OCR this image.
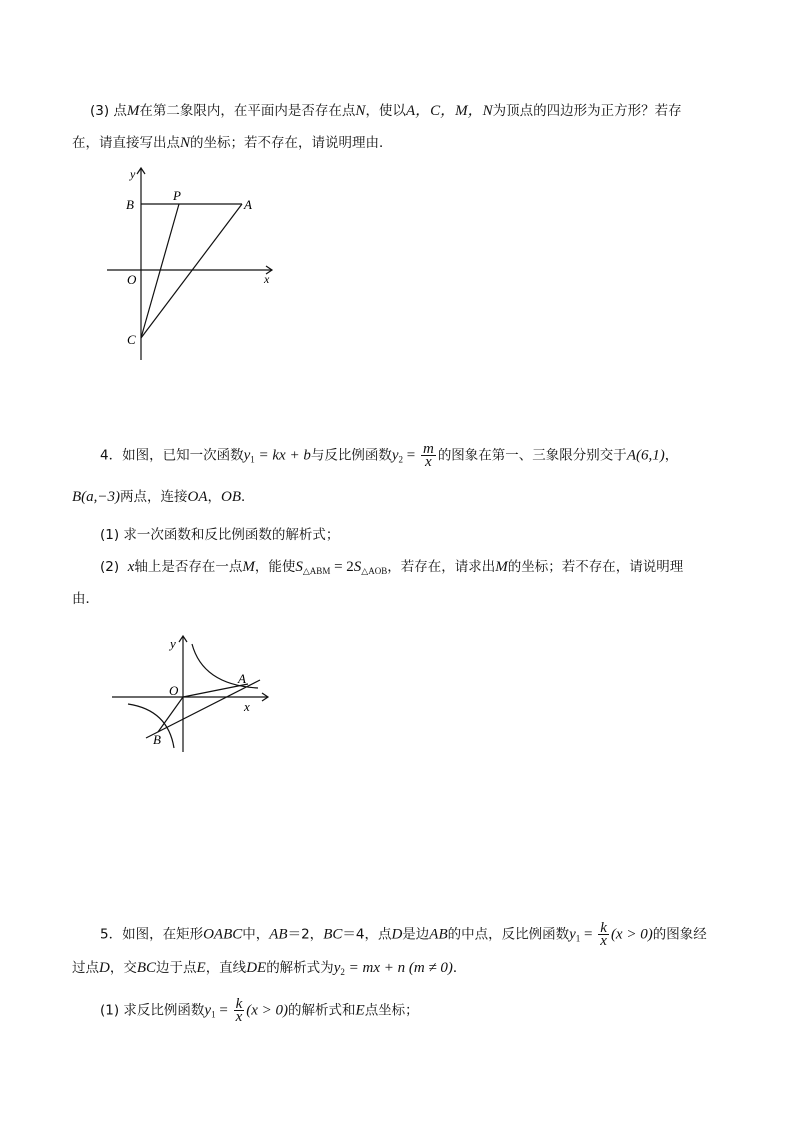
(3) 点M在第二象限内，在平面内是否存在点N，使以A，C，M，N为顶点的四边形为正方形？若存
在，请直接写出点N的坐标；若不存在，请说明理由．
y
x
B
P
A
O
C
4．如图，已知一次函数$y_1$ = kx + b与反比例函数$y_2 = \frac{m}{x}$ 的图象在第一、三象限分别交于A(6,1)，
B(a,−3)两点，连接OA，OB．
(1) 求一次函数和反比例函数的解析式；
(2) x轴上是否存在一点M，能使$S_{\triangle ABM} = 2S_{\triangle AOB}$，若存在，请求出M的坐标；若不存在，请说明理
由．
y
x
O
A
B
5．如图，在矩形OABC中，AB＝2，BC＝4，点D是边AB的中点，反比例函数$y_1 = \frac{k}{x} (x > 0)$的图象经
过点D，交BC边于点E，直线DE的解析式为$y_2$ = mx + n (m ≠ 0)．
(1) 求反比例函数$y_1 = \frac{k}{x} (x > 0)$的解析式和E点坐标；
